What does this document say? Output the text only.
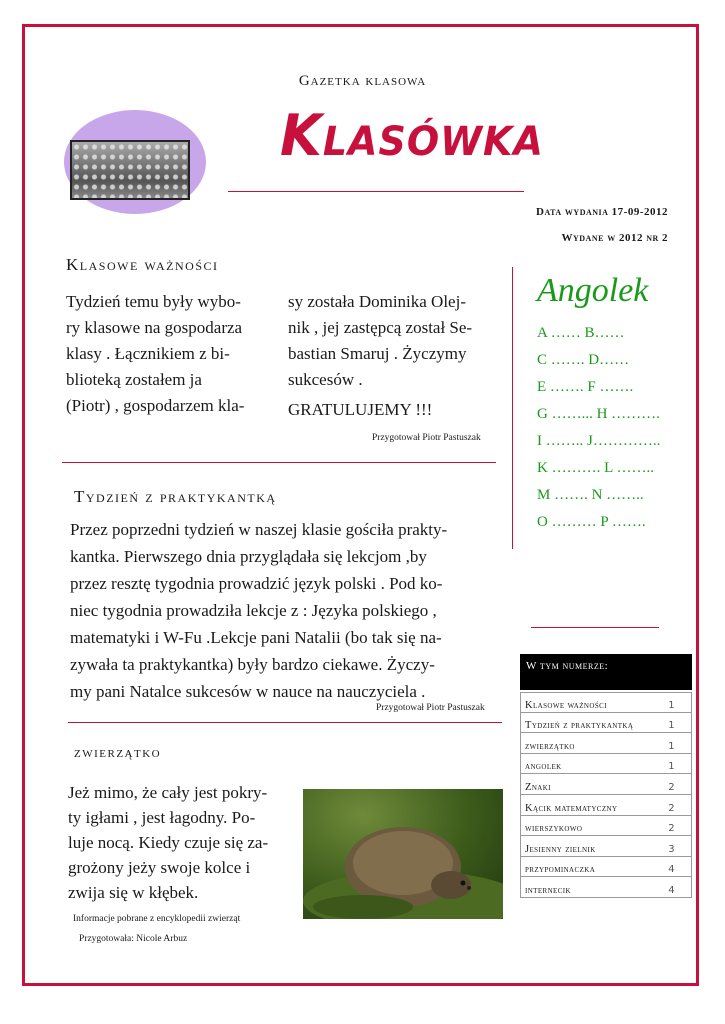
Gazetka klasowa
Klasówka
Data wydania 17-09-2012
Wydane w 2012 nr 2
Klasowe ważności
Tydzień temu były wybo-
ry klasowe na gospodarza
klasy . Łącznikiem z bi-
blioteką zostałem ja
(Piotr) , gospodarzem kla-
sy została Dominika Olej-
nik , jej zastępcą został Se-
bastian Smaruj . Życzymy
sukcesów .
GRATULUJEMY !!!
Przygotował Piotr Pastuszak
Tydzień z praktykantką
Przez poprzedni tydzień w naszej klasie gościła prakty-
kantka. Pierwszego dnia przyglądała się lekcjom ,by
przez resztę tygodnia prowadzić język polski . Pod ko-
niec tygodnia prowadziła lekcje z : Języka polskiego ,
matematyki i W-Fu .Lekcje pani Natalii (bo tak się na-
zywała ta praktykantka) były bardzo ciekawe. Życzy-
my pani Natalce sukcesów w nauce na nauczyciela .
Przygotował Piotr Pastuszak
zwierzątko
Jeż mimo, że cały jest pokry-
ty igłami , jest łagodny. Po-
luje nocą. Kiedy czuje się za-
grożony jeży swoje kolce i
zwija się w kłębek.
Informacje pobrane z encyklopedii zwierząt
Przygotowała: Nicole Arbuz
Angolek
A …… B……
C ……. D……
E ……. F …….
G ……... H ……….
I …….. J…………..
K ………. L ……..
M ……. N ……..
O ……… P …….
W tym numerze:
Klasowe ważności	1
Tydzień z praktykantką	1
zwierzątko	1
angolek	1
Znaki	2
Kącik matematyczny	2
wierszykowo	2
Jesienny zielnik	3
przypominaczka	4
internecik	4
